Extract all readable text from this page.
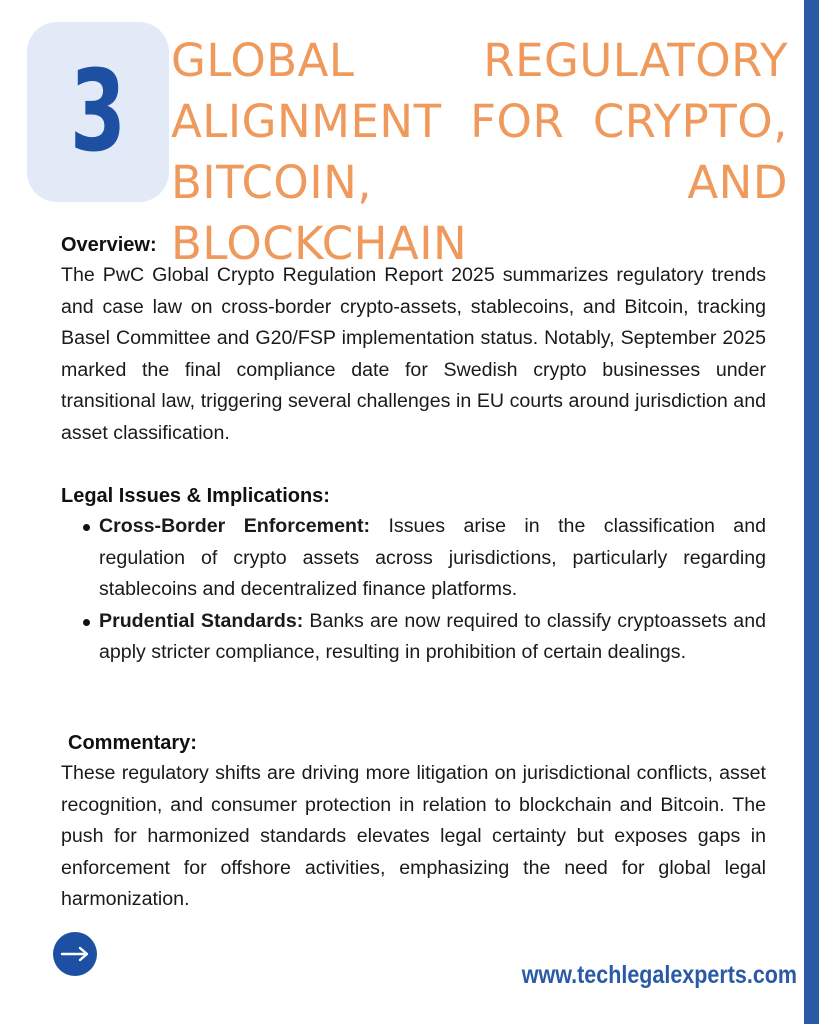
3 GLOBAL REGULATORY
ALIGNMENT FOR CRYPTO,
BITCOIN, AND BLOCKCHAIN

Overview:

The PwC Global Crypto Regulation Report 2025 summarizes regulatory trends and case law on cross-border crypto-assets, stablecoins, and Bitcoin, tracking Basel Committee and G20/FSP implementation status. Notably, September 2025 marked the final compliance date for Swedish crypto businesses under transitional law, triggering several challenges in EU courts around jurisdiction and asset classification.

Legal Issues & Implications:

Cross-Border Enforcement: Issues arise in the classification and regulation of crypto assets across jurisdictions, particularly regarding stablecoins and decentralized finance platforms.
Prudential Standards: Banks are now required to classify cryptoassets and apply stricter compliance, resulting in prohibition of certain dealings.

Commentary:

These regulatory shifts are driving more litigation on jurisdictional conflicts, asset recognition, and consumer protection in relation to blockchain and Bitcoin. The push for harmonized standards elevates legal certainty but exposes gaps in enforcement for offshore activities, emphasizing the need for global legal harmonization.

www.techlegalexperts.com
